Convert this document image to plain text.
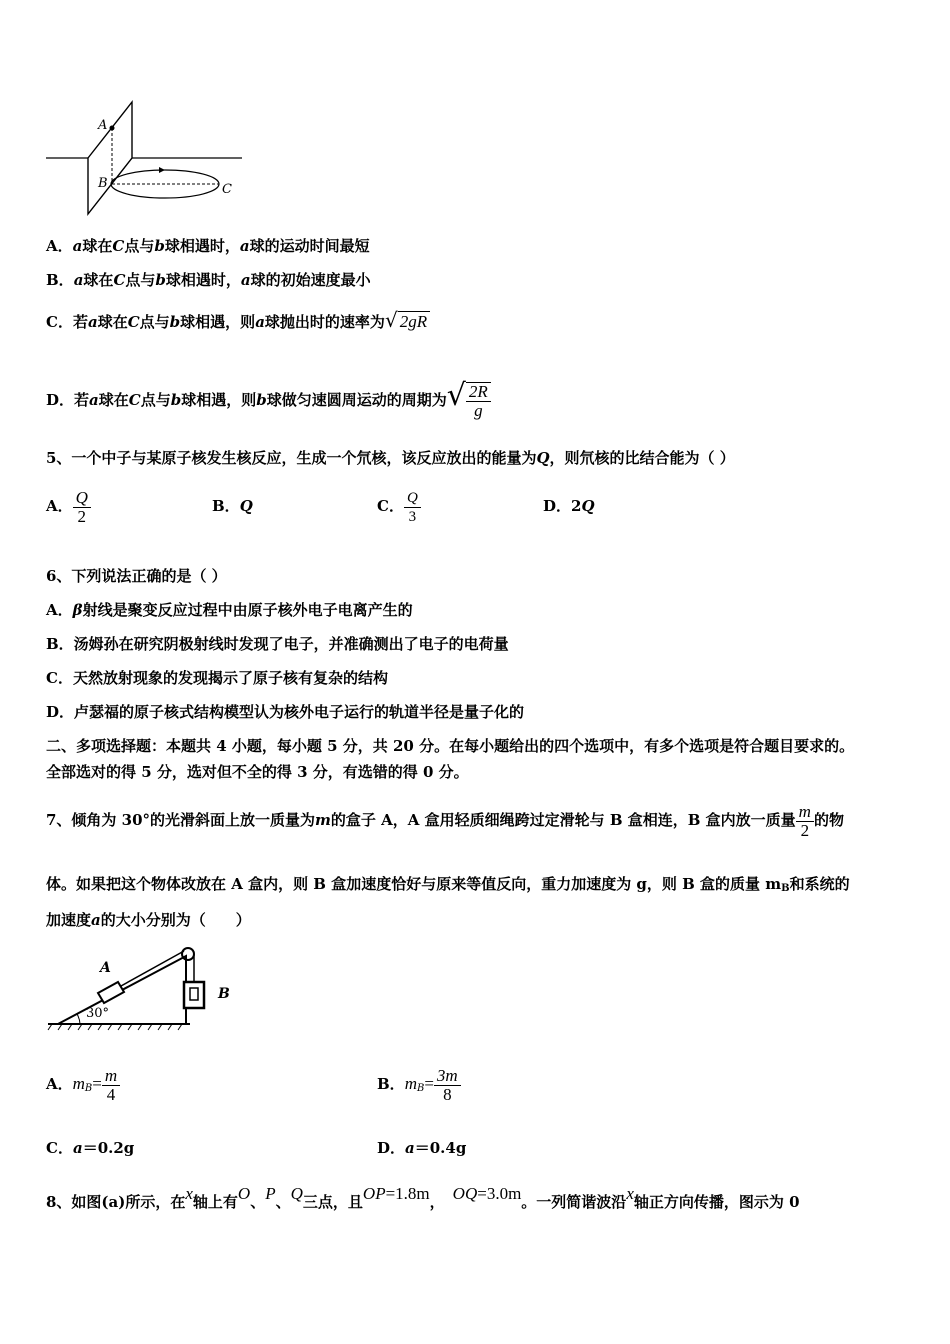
A
B	C
A．a球在C点与b球相遇时，a球的运动时间最短
B．a球在C点与b球相遇时，a球的初始速度最小
C．若a球在C点与b球相遇，则a球抛出时的速率为√ 2gR
D．若a球在C点与b球相遇，则b球做匀速圆周运动的周期为√ $\frac{2R}{g}$
5、一个中子与某原子核发生核反应，生成一个氘核，该反应放出的能量为Q，则氘核的比结合能为（ ）
A． $\frac{Q}{2}$	B．Q	C． $\frac{Q}{3}$	D．2Q
6、下列说法正确的是（ ）
A．β射线是聚变反应过程中由原子核外电子电离产生的
B．汤姆孙在研究阴极射线时发现了电子，并准确测出了电子的电荷量
C．天然放射现象的发现揭示了原子核有复杂的结构
D．卢瑟福的原子核式结构模型认为核外电子运行的轨道半径是量子化的
二、多项选择题：本题共 4 小题，每小题 5 分，共 20 分。在每小题给出的四个选项中，有多个选项是符合题目要求的。
全部选对的得 5 分，选对但不全的得 3 分，有选错的得 0 分。
7、倾角为 30°的光滑斜面上放一质量为m的盒子 A，A 盒用轻质细绳跨过定滑轮与 B 盒相连，B 盒内放一质量 $\frac{m}{2}$ 的物
体。如果把这个物体改放在 A 盒内，则 B 盒加速度恰好与原来等值反向，重力加速度为 g，则 B 盒的质量 $m_B$和系统的
加速度a的大小分别为（　　）
A
B
30°
A．$m_B= \frac{m}{4}$	B．$m_B= \frac{3m}{8}$
C．a＝0.2g	D．a＝0.4g
8、如图(a)所示，在x轴上有O、P、Q三点，且OP=1.8m， OQ=3.0m。一列简谐波沿x轴正方向传播，图示为 0
